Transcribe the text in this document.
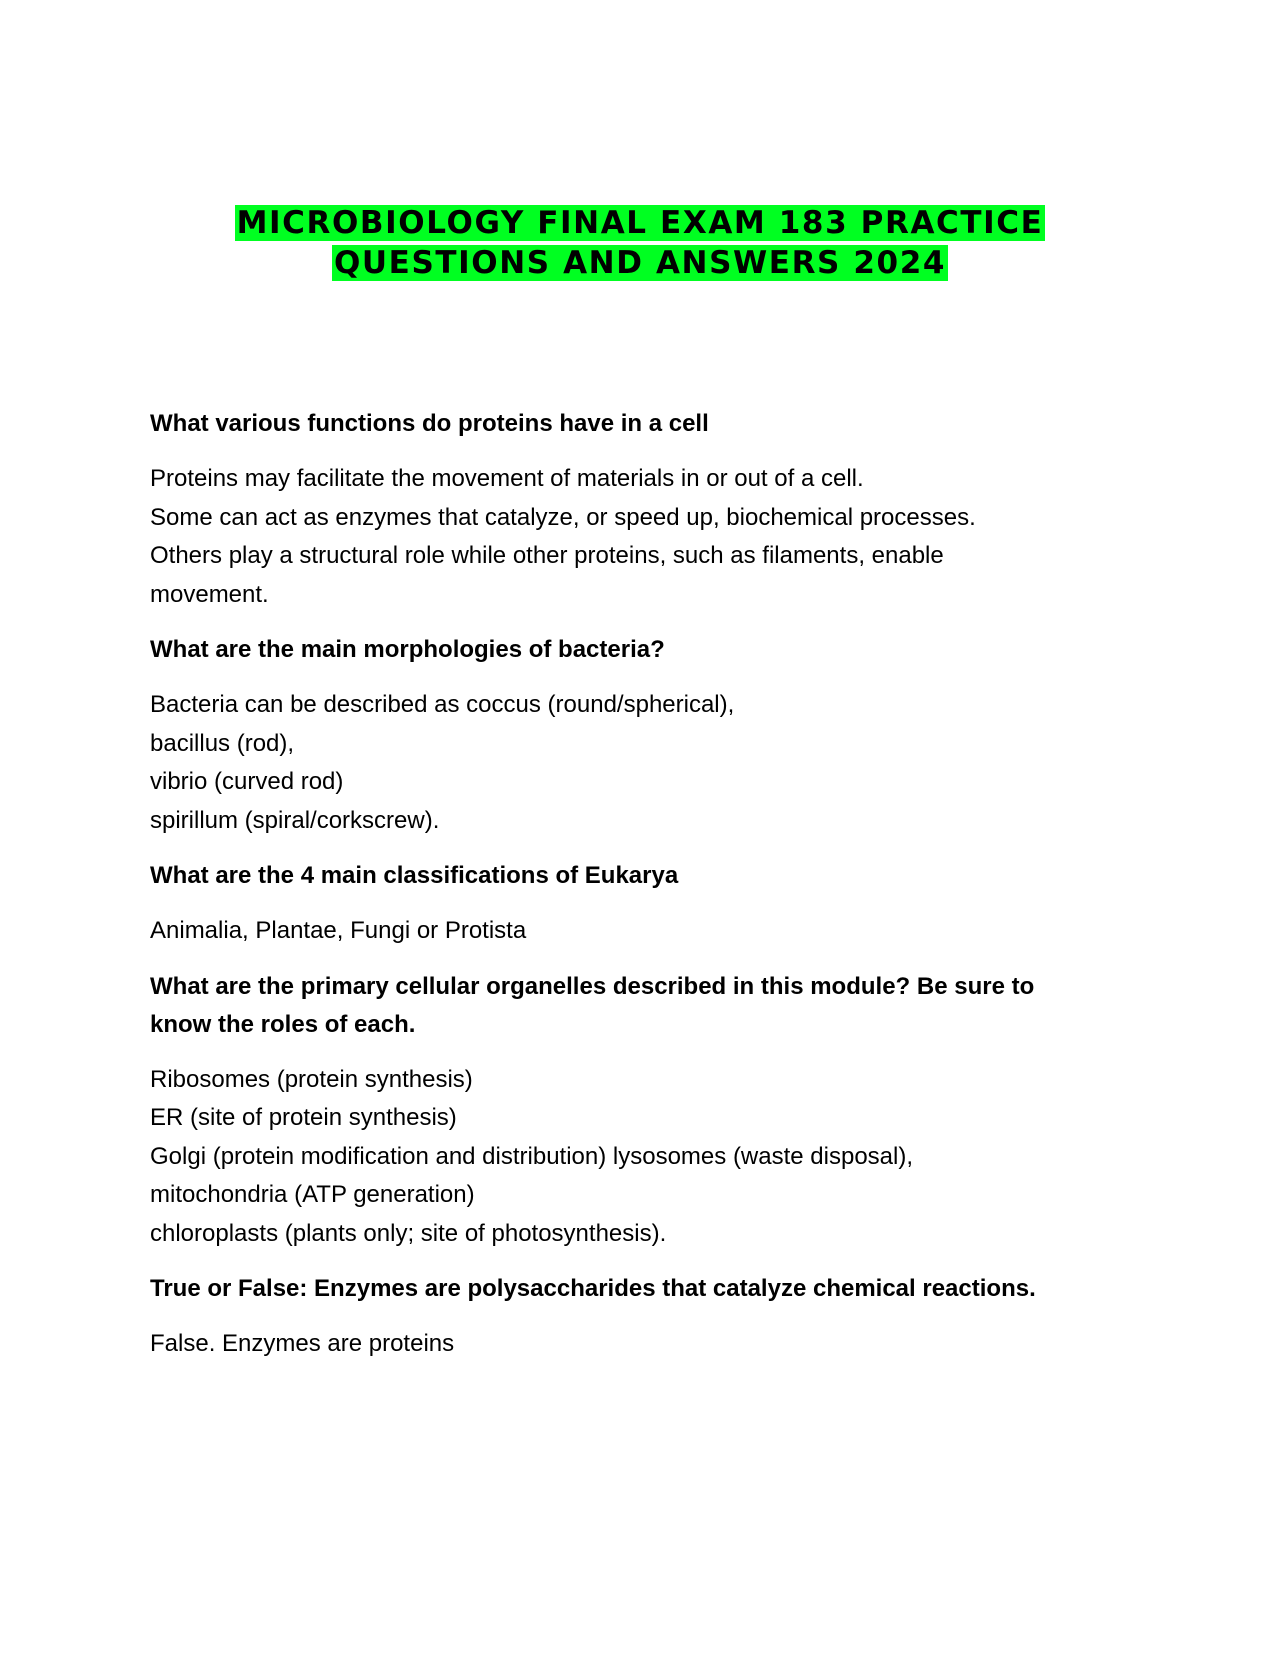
MICROBIOLOGY FINAL EXAM 183 PRACTICE
QUESTIONS AND ANSWERS 2024
What various functions do proteins have in a cell
Proteins may facilitate the movement of materials in or out of a cell.
Some can act as enzymes that catalyze, or speed up, biochemical processes.
Others play a structural role while other proteins, such as filaments, enable
movement.
What are the main morphologies of bacteria?
Bacteria can be described as coccus (round/spherical),
bacillus (rod),
vibrio (curved rod)
spirillum (spiral/corkscrew).
What are the 4 main classifications of Eukarya
Animalia, Plantae, Fungi or Protista
What are the primary cellular organelles described in this module? Be sure to
know the roles of each.
Ribosomes (protein synthesis)
ER (site of protein synthesis)
Golgi (protein modification and distribution) lysosomes (waste disposal),
mitochondria (ATP generation)
chloroplasts (plants only; site of photosynthesis).
True or False: Enzymes are polysaccharides that catalyze chemical reactions.
False. Enzymes are proteins
